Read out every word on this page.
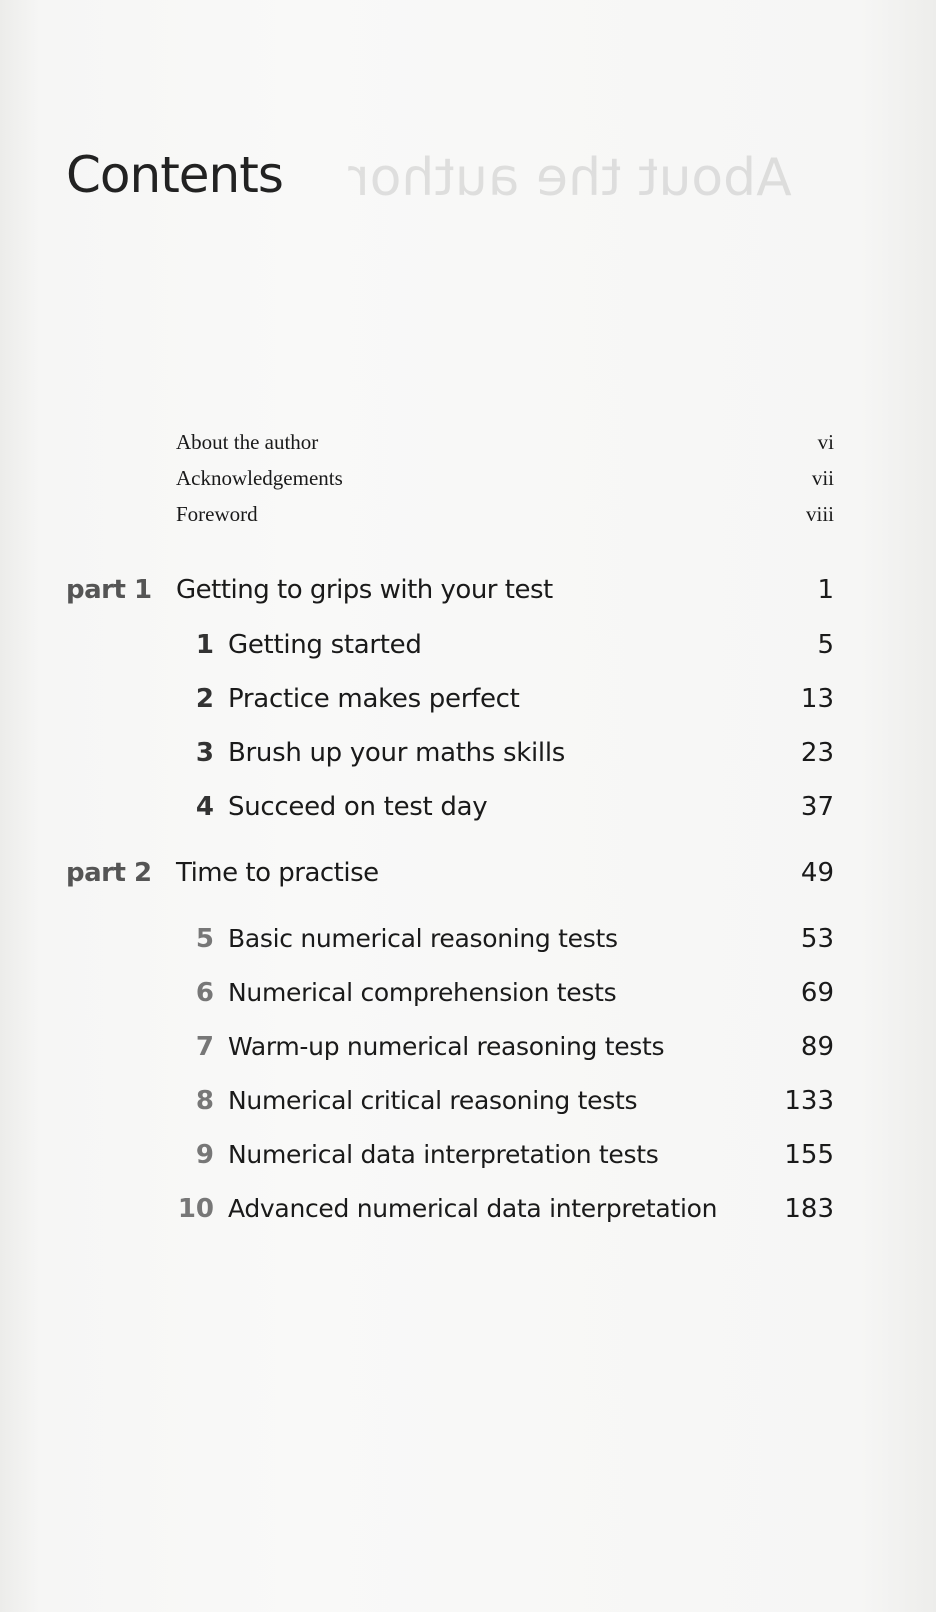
Contents
About the author	vi
Acknowledgements	vii
Foreword	viii
part 1 Getting to grips with your test	1
1 Getting started	5
2 Practice makes perfect	13
3 Brush up your maths skills	23
4 Succeed on test day	37
part 2 Time to practise	49
5 Basic numerical reasoning tests	53
6 Numerical comprehension tests	69
7 Warm-up numerical reasoning tests	89
8 Numerical critical reasoning tests	133
9 Numerical data interpretation tests	155
10 Advanced numerical data interpretation	183
